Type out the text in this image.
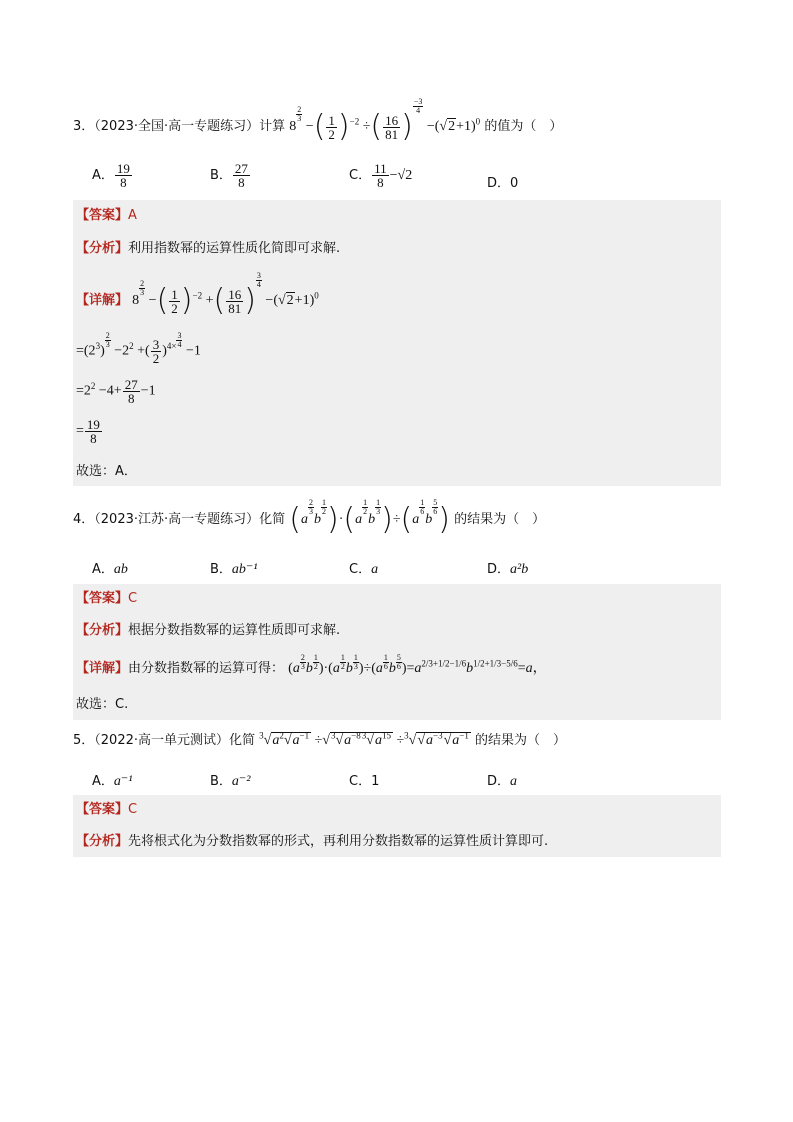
3．（2023·全国·高一专题练习）计算 8
$\frac{2}{3}$
−( $\frac{1}{2} )^{-2}$ ÷( $\frac{16}{81}$ )
$\frac{-3}{4}$
$-(√2+1)^0$ 的值为（　）
A． $\frac{19}{8}$	B． $\frac{27}{8}$	C． $\frac{11}{8} -√2$
D．0
【答案】A
【分析】利用指数幂的运算性质化简即可求解.
【详解】 8
$\frac{2}{3}$
−( $\frac{1}{2} )^{-2}$ +( $\frac{16}{81}$ )
$\frac{3}{4}$
$-(√2+1)^0$
$=(2^3)$
$\frac{2}{3}$
$-2^2$ +( $\frac{3}{2} )^{4\times \frac{3}{4}}$
−1
$=2^2 -4+ \frac{27}{8} -1$
= $\frac{19}{8}$
故选：A．
4．（2023·江苏·高一专题练习）化简 (a
$\frac{2}{3}$
b
$\frac{1}{2} )\cdot(a$
$\frac{1}{2}$
b
$\frac{1}{3} )\div(a$
$\frac{1}{6}$
b
$\frac{5}{6}$ ) 的结果为（　）
A．ab	B．ab⁻¹	C．a	D．a²b
【答案】C
【分析】根据分数指数幂的运算性质即可求解.
【详解】由分数指数幂的运算可得： ($a \frac{2}{3}$ b $\frac{1}{2} )\cdot(a \frac{1}{2}$ b $\frac{1}{3} )\div(a \frac{1}{6}$ b $\frac{5}{6} )=a^{2/3+1/2-1/6}b^{1/2+1/3-5/6}=a$，
故选：C.
5．（2022·高一单元测试）化简 $^3√a^2√a^{-1} \div√^3√a^{-83}√a^{15} \div^3√√a^{-3}√a^{-1}$ 的结果为（　）
A．a⁻¹	B．a⁻²	C．1	D．a
【答案】C
【分析】先将根式化为分数指数幂的形式，再利用分数指数幂的运算性质计算即可.
